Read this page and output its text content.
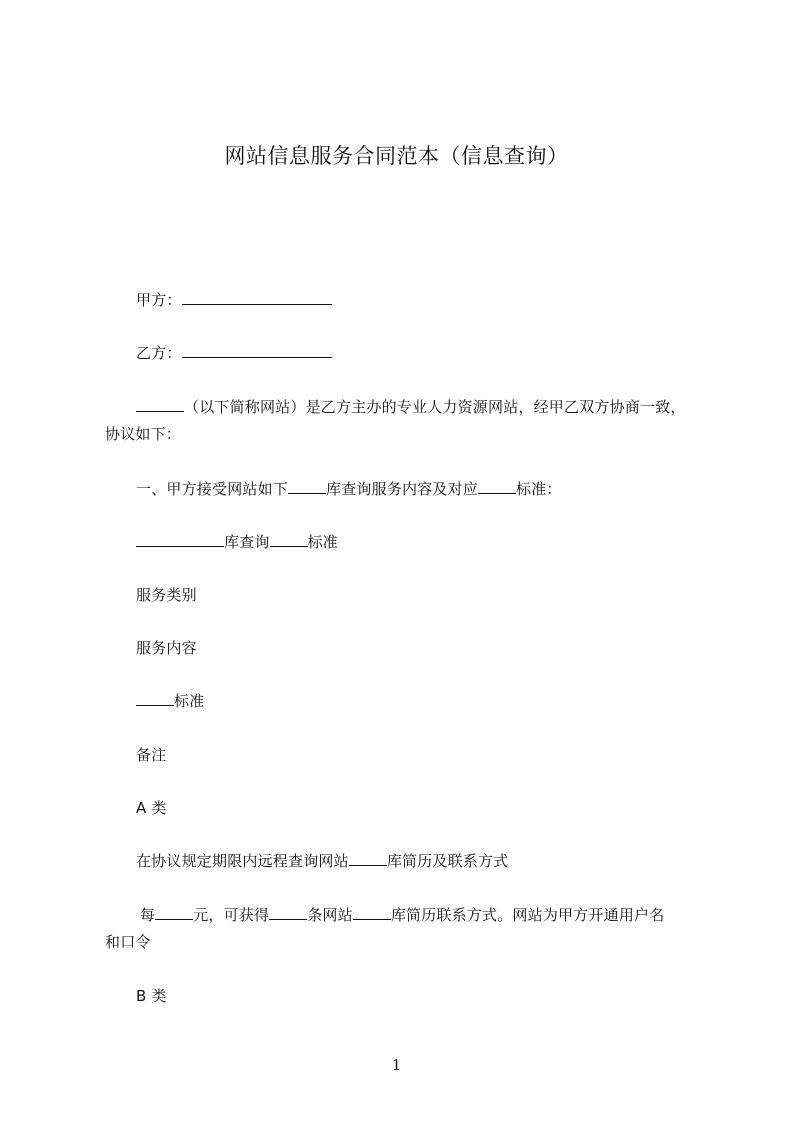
网站信息服务合同范本（信息查询）
甲方：
乙方：
（以下简称网站）是乙方主办的专业人力资源网站，经甲乙双方协商一致，
协议如下：
一、甲方接受网站如下	库查询服务内容及对应	标准：
库查询	标准
服务类别
服务内容
标准
备注
A 类
在协议规定期限内远程查询网站	库简历及联系方式
每	元，可获得	条网站	库简历联系方式。网站为甲方开通用户名
和口令
B 类
1
